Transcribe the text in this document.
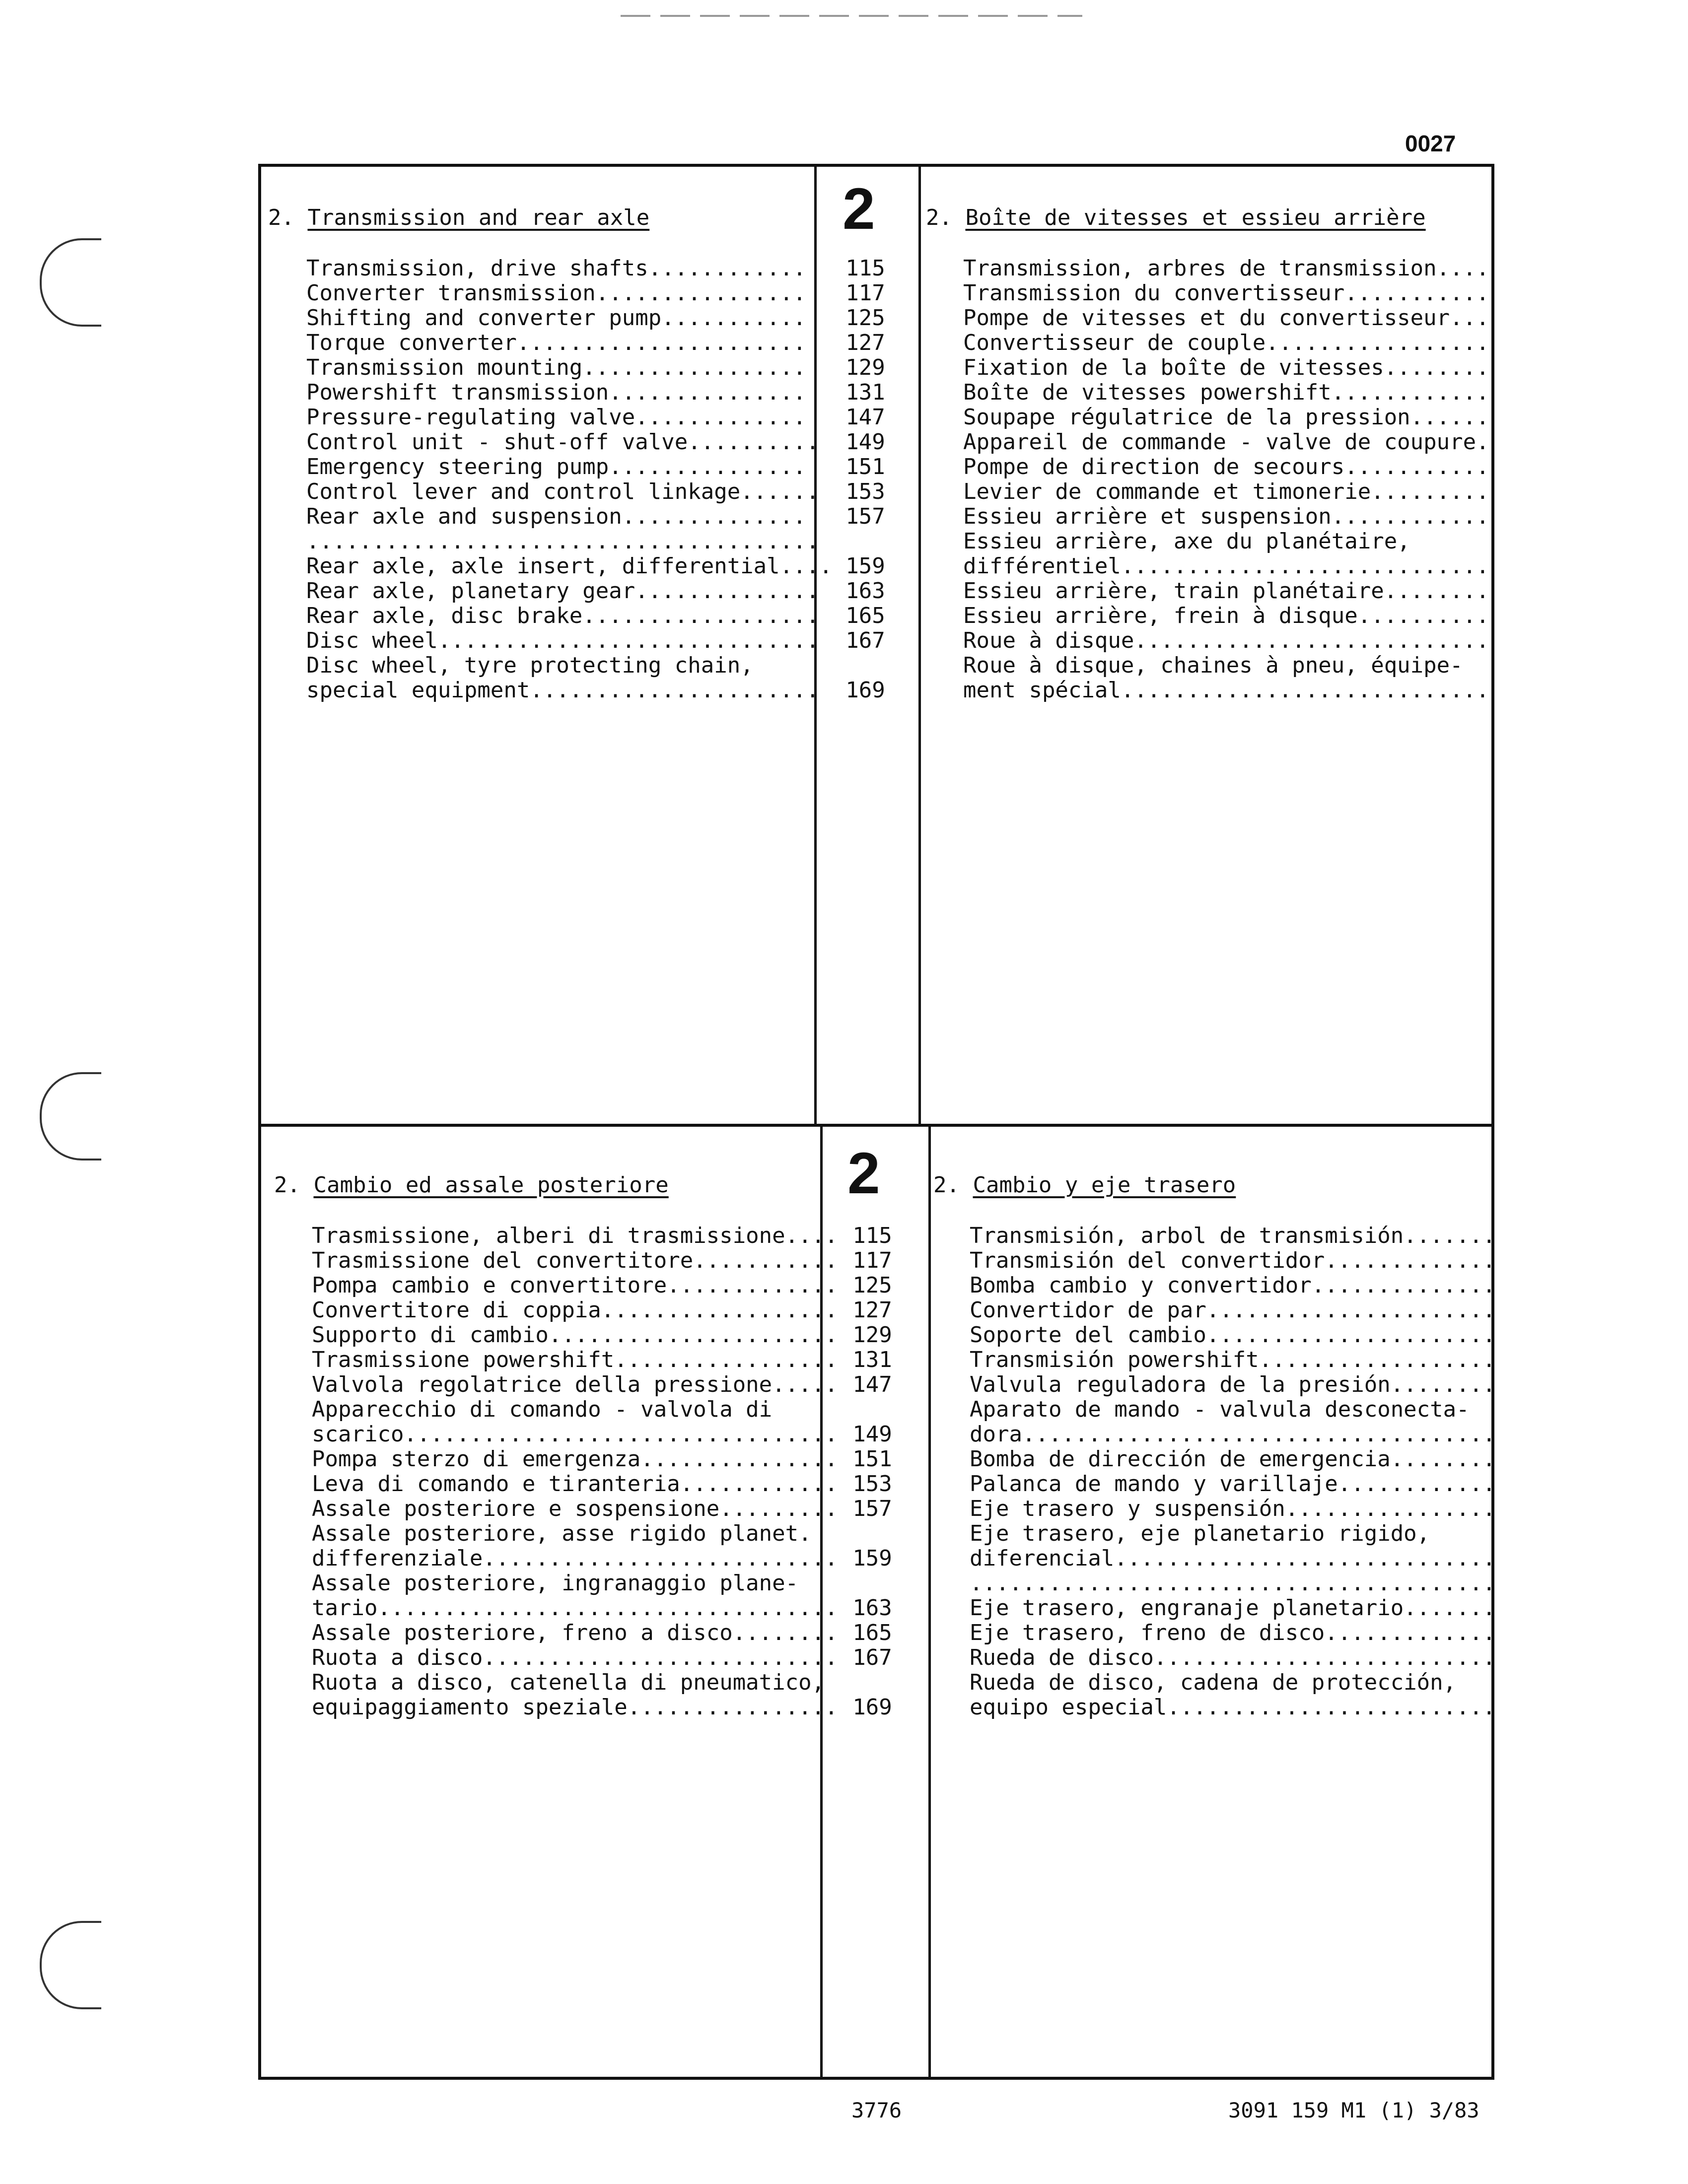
0027
2
2
2. Transmission and rear axle
Transmission, drive shafts............
Converter transmission................
Shifting and converter pump...........
Torque converter......................
Transmission mounting.................
Powershift transmission...............
Pressure-regulating valve.............
Control unit - shut-off valve..........
Emergency steering pump...............
Control lever and control linkage......
Rear axle and suspension..............
.......................................
Rear axle, axle insert, differential....
Rear axle, planetary gear..............
Rear axle, disc brake..................
Disc wheel.............................
Disc wheel, tyre protecting chain,
special equipment......................
115
117
125
127
129
131
147
149
151
153
157
159
163
165
167
169
2. Boîte de vitesses et essieu arrière
Transmission, arbres de transmission....
Transmission du convertisseur...........
Pompe de vitesses et du convertisseur...
Convertisseur de couple.................
Fixation de la boîte de vitesses........
Boîte de vitesses powershift............
Soupape régulatrice de la pression......
Appareil de commande - valve de coupure.
Pompe de direction de secours...........
Levier de commande et timonerie.........
Essieu arrière et suspension............
Essieu arrière, axe du planétaire,
différentiel............................
Essieu arrière, train planétaire........
Essieu arrière, frein à disque..........
Roue à disque...........................
Roue à disque, chaines à pneu, équipe-
ment spécial............................
2. Cambio ed assale posteriore
Trasmissione, alberi di trasmissione....
Trasmissione del convertitore...........
Pompa cambio e convertitore.............
Convertitore di coppia..................
Supporto di cambio......................
Trasmissione powershift.................
Valvola regolatrice della pressione.....
Apparecchio di comando - valvola di
scarico.................................
Pompa sterzo di emergenza...............
Leva di comando e tiranteria............
Assale posteriore e sospensione.........
Assale posteriore, asse rigido planet.
differenziale...........................
Assale posteriore, ingranaggio plane-
tario...................................
Assale posteriore, freno a disco........
Ruota a disco...........................
Ruota a disco, catenella di pneumatico,
equipaggiamento speziale................
115
117
125
127
129
131
147
149
151
153
157
159
163
165
167
169
2. Cambio y eje trasero
Transmisión, arbol de transmisión.......
Transmisión del convertidor.............
Bomba cambio y convertidor..............
Convertidor de par......................
Soporte del cambio......................
Transmisión powershift..................
Valvula reguladora de la presión........
Aparato de mando - valvula desconecta-
dora....................................
Bomba de dirección de emergencia........
Palanca de mando y varillaje............
Eje trasero y suspensión................
Eje trasero, eje planetario rigido,
diferencial.............................
........................................
Eje trasero, engranaje planetario.......
Eje trasero, freno de disco.............
Rueda de disco..........................
Rueda de disco, cadena de protección,
equipo especial.........................
3776	3091 159 M1 (1) 3/83
